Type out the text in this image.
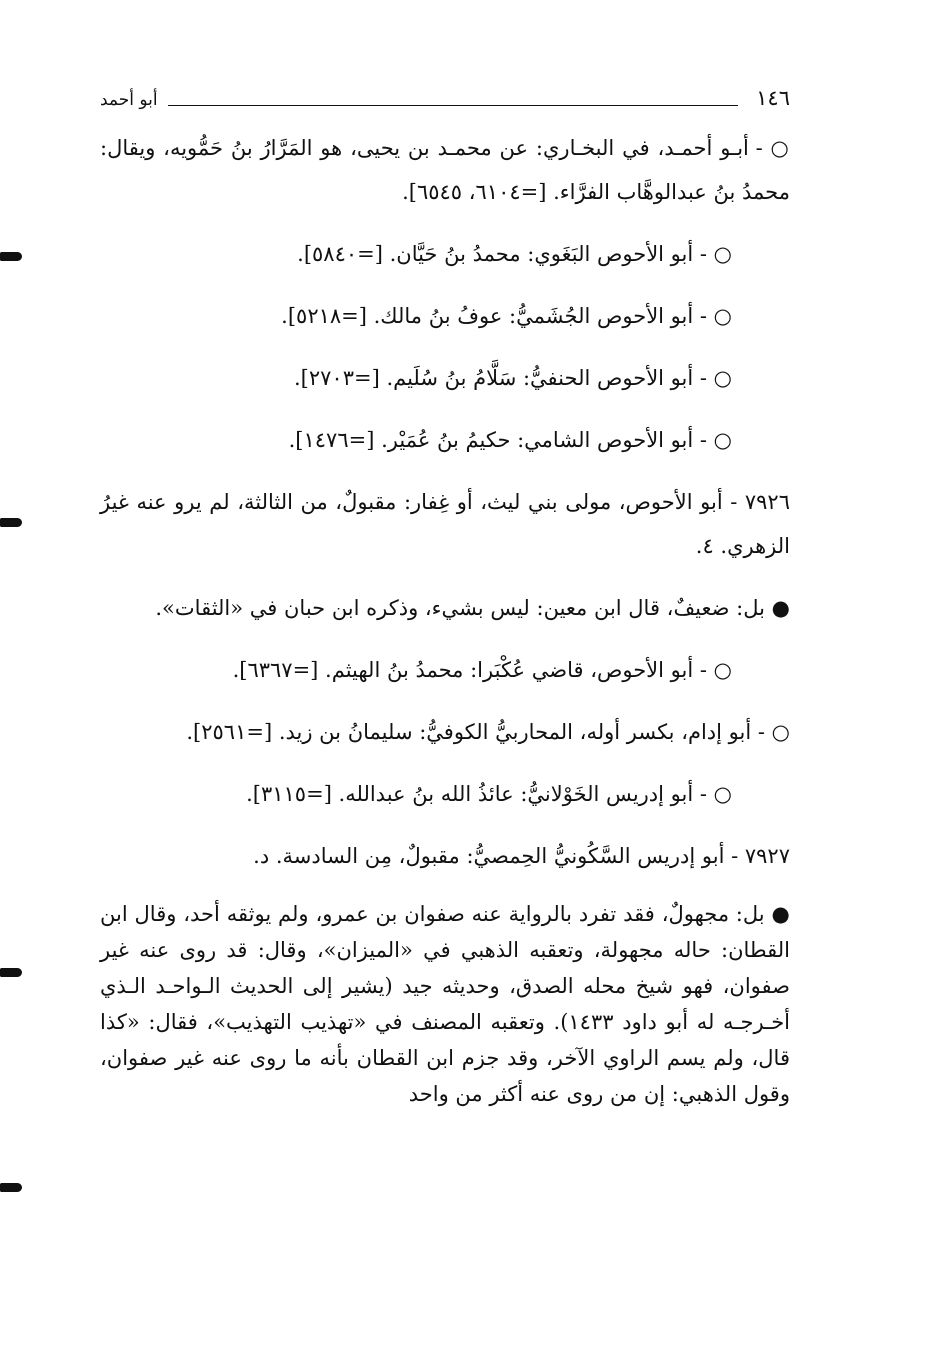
١٤٦
أبو أحمد

○ - أبـو أحمـد، في البخـاري: عن محمـد بن يحيى، هو المَرَّارُ بنُ حَمُّويه، ويقال: محمدُ بنُ عبدالوهَّاب الفرَّاء. [=٦١٠٤، ٦٥٤٥].

○ - أبو الأحوص البَغَوي: محمدُ بنُ حَيَّان. [=٥٨٤٠].

○ - أبو الأحوص الجُشَميُّ: عوفُ بنُ مالك. [=٥٢١٨].

○ - أبو الأحوص الحنفيُّ: سَلَّامُ بنُ سُلَيم. [=٢٧٠٣].

○ - أبو الأحوص الشامي: حكيمُ بنُ عُمَيْر. [=١٤٧٦].

٧٩٢٦ - أبو الأحوص، مولى بني ليث، أو غِفار: مقبولٌ، من الثالثة، لم يرو عنه غيرُ الزهري. ٤.

● بل: ضعيفٌ، قال ابن معين: ليس بشيء، وذكره ابن حبان في «الثقات».

○ - أبو الأحوص، قاضي عُكْبَرا: محمدُ بنُ الهيثم. [=٦٣٦٧].

○ - أبو إدام، بكسر أوله، المحاربيُّ الكوفيُّ: سليمانُ بن زيد. [=٢٥٦١].

○ - أبو إدريس الخَوْلانيُّ: عائذُ الله بنُ عبدالله. [=٣١١٥].

٧٩٢٧ - أبو إدريس السَّكُونيُّ الحِمصيُّ: مقبولٌ، مِن السادسة. د.

● بل: مجهولٌ، فقد تفرد بالرواية عنه صفوان بن عمرو، ولم يوثقه أحد، وقال ابن القطان: حاله مجهولة، وتعقبه الذهبي في «الميزان»، وقال: قد روى عنه غير صفوان، فهو شيخ محله الصدق، وحديثه جيد (يشير إلى الحديث الـواحـد الـذي أخـرجـه له أبو داود ١٤٣٣). وتعقبه المصنف في «تهذيب التهذيب»، فقال: «كذا قال، ولم يسم الراوي الآخر، وقد جزم ابن القطان بأنه ما روى عنه غير صفوان، وقول الذهبي: إن من روى عنه أكثر من واحد
